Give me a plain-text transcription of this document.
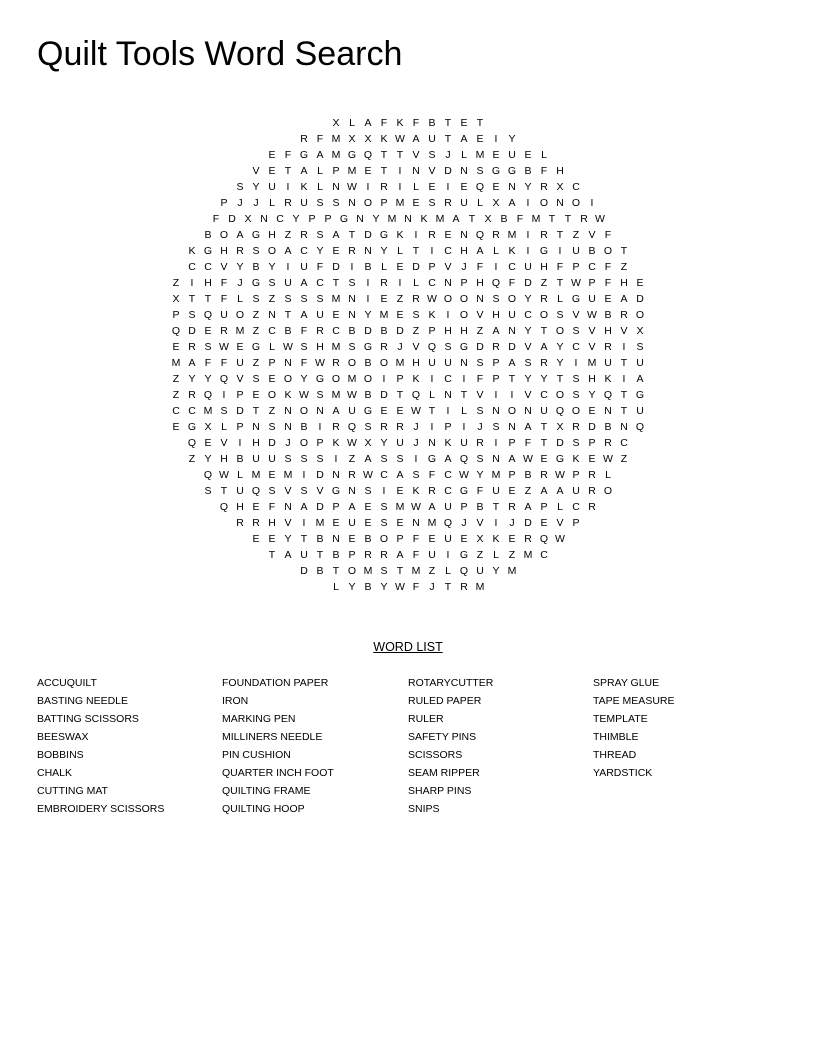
Quilt Tools Word Search
X L A F K F B T E T
R F M X X K W A U T A E	I	Y
E F G A M G Q T T V S J L M E U E L
V E T A L P M E T	I	N V D N S G G B F H
S Y U	I	K L N W I	R	I	L E	I	E Q E N Y R X C
P J	J L R U S S N O P M E S R U L X A	I O N O I
F D X N C Y P P G N Y M N K M A T X B F M T T R W
B O A G H Z R S A T D G K	I	R E N Q R M I	R T Z V F
K G H R S O A C Y E R N Y L T	I	C H A L K	I G I	U B O T
C C V Y B Y	I	U F D	I	B L E D P V J F	I	C U H F P C F Z
Z	I	H F J G S U A C T S	I	R	I	L C N P H Q F D Z T W P F H E
X T T F L S Z S S S M N	I	E Z R W O O N S O Y R L G U E A D
P S Q U O Z N T A U E N Y M E S K	I O V H U C O S V W B R O
Q D E R M Z C B F R C B D B D Z P H H Z A N Y T O S V H V X
E R S W E G L W S H M S G R J V Q S G D R D V A Y C V R	I	S
M A F F U Z P N F W R O B O M H U U N S P A S R Y	I M U T U
Z Y Y Q V S E O Y G O M O I	P K	I	C	I	F P T Y Y T S H K	I	A
Z R Q I	P E O K W S M W B D T Q L N T V	I	I	V C O S Y Q T G
C C M S D T Z N O N A U G E E W T	I	L S N O N U Q O E N T U
E G X L P N S N B	I	R Q S R R J	I	P	I	J S N A T X R D B N Q
Q E V	I	H D J O P K W X Y U J N K U R	I	P F T D S P R C
Z Y H B U U S S S	I	Z A S S	I G A Q S N A W E G K E W Z
Q W L M E M I	D N R W C A S F C W Y M P B R W P R L
S T U Q S V S V G N S	I	E K R C G F U E Z A A U R O
Q H E F N A D P A E S M W A U P B T R A P L C R
R R H V	I M E U E S E N M Q J V	I	J D E V P
E E Y T B N E B O P F E U E X K E R Q W
T A U T B P R R A F U	I G Z L Z M C
D B T O M S T M Z L Q U Y M
L Y B Y W F J T R M
WORD LIST
ACCUQUILT
BASTING NEEDLE
BATTING SCISSORS
BEESWAX
BOBBINS
CHALK
CUTTING MAT
EMBROIDERY SCISSORS
FOUNDATION PAPER
IRON
MARKING PEN
MILLINERS NEEDLE
PIN CUSHION
QUARTER INCH FOOT
QUILTING FRAME
QUILTING HOOP
ROTARYCUTTER
RULED PAPER
RULER
SAFETY PINS
SCISSORS
SEAM RIPPER
SHARP PINS
SNIPS
SPRAY GLUE
TAPE MEASURE
TEMPLATE
THIMBLE
THREAD
YARDSTICK
